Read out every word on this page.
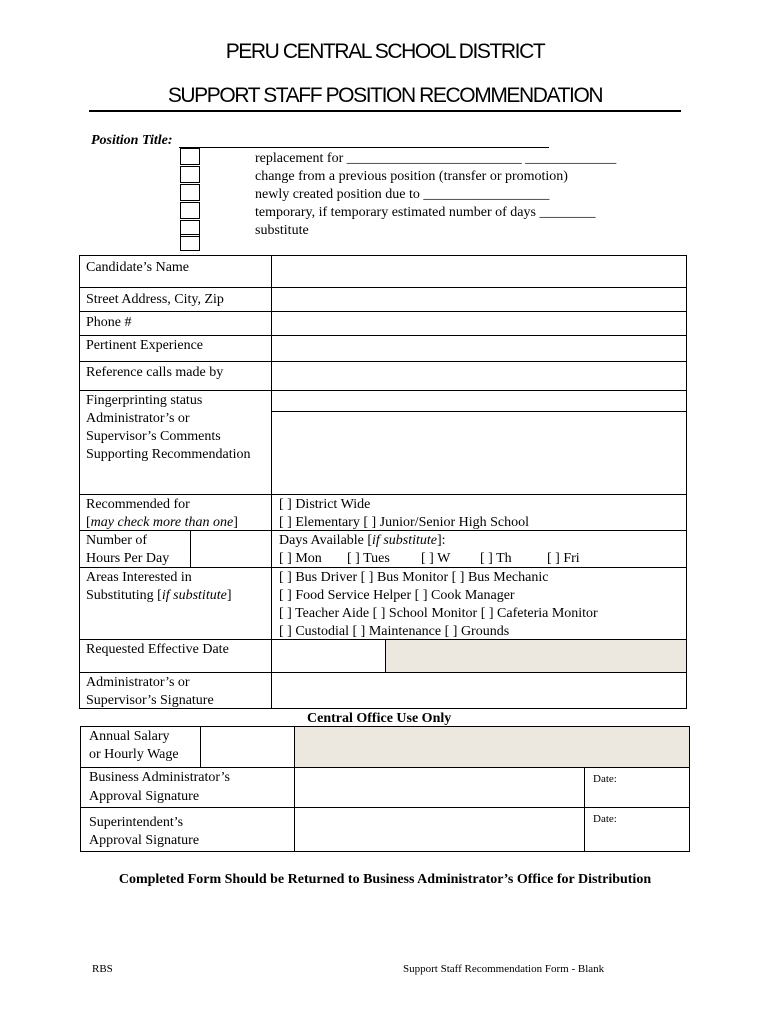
PERU CENTRAL SCHOOL DISTRICT
SUPPORT STAFF POSITION RECOMMENDATION
Position Title:
replacement for _________________________ _____________
change from a previous position (transfer or promotion)
newly created position due to __________________
temporary, if temporary estimated number of days ________
substitute
Candidate’s Name
Street Address, City, Zip
Phone #
Pertinent Experience
Reference calls made by
Fingerprinting status
Administrator’s or
Supervisor’s Comments
Supporting Recommendation
Recommended for
[may check more than one]
[ ] District Wide
[ ] Elementary [ ] Junior/Senior High School
Number of
Hours Per Day
Days Available [if substitute]:
[ ] Mon [ ] Tues [ ] W [ ] Th	[ ] Fri
Areas Interested in
Substituting [if substitute]
[ ] Bus Driver [ ] Bus Monitor [ ] Bus Mechanic
[ ] Food Service Helper [ ] Cook Manager
[ ] Teacher Aide [ ] School Monitor [ ] Cafeteria Monitor
[ ] Custodial [ ] Maintenance [ ] Grounds
Requested Effective Date
Administrator’s or
Supervisor’s Signature
Central Office Use Only
Annual Salary
or Hourly Wage
Business Administrator’s
Approval Signature
Date:
Superintendent’s
Approval Signature
Date:
Completed Form Should be Returned to Business Administrator’s Office for Distribution
RBS	Support Staff Recommendation Form - Blank
